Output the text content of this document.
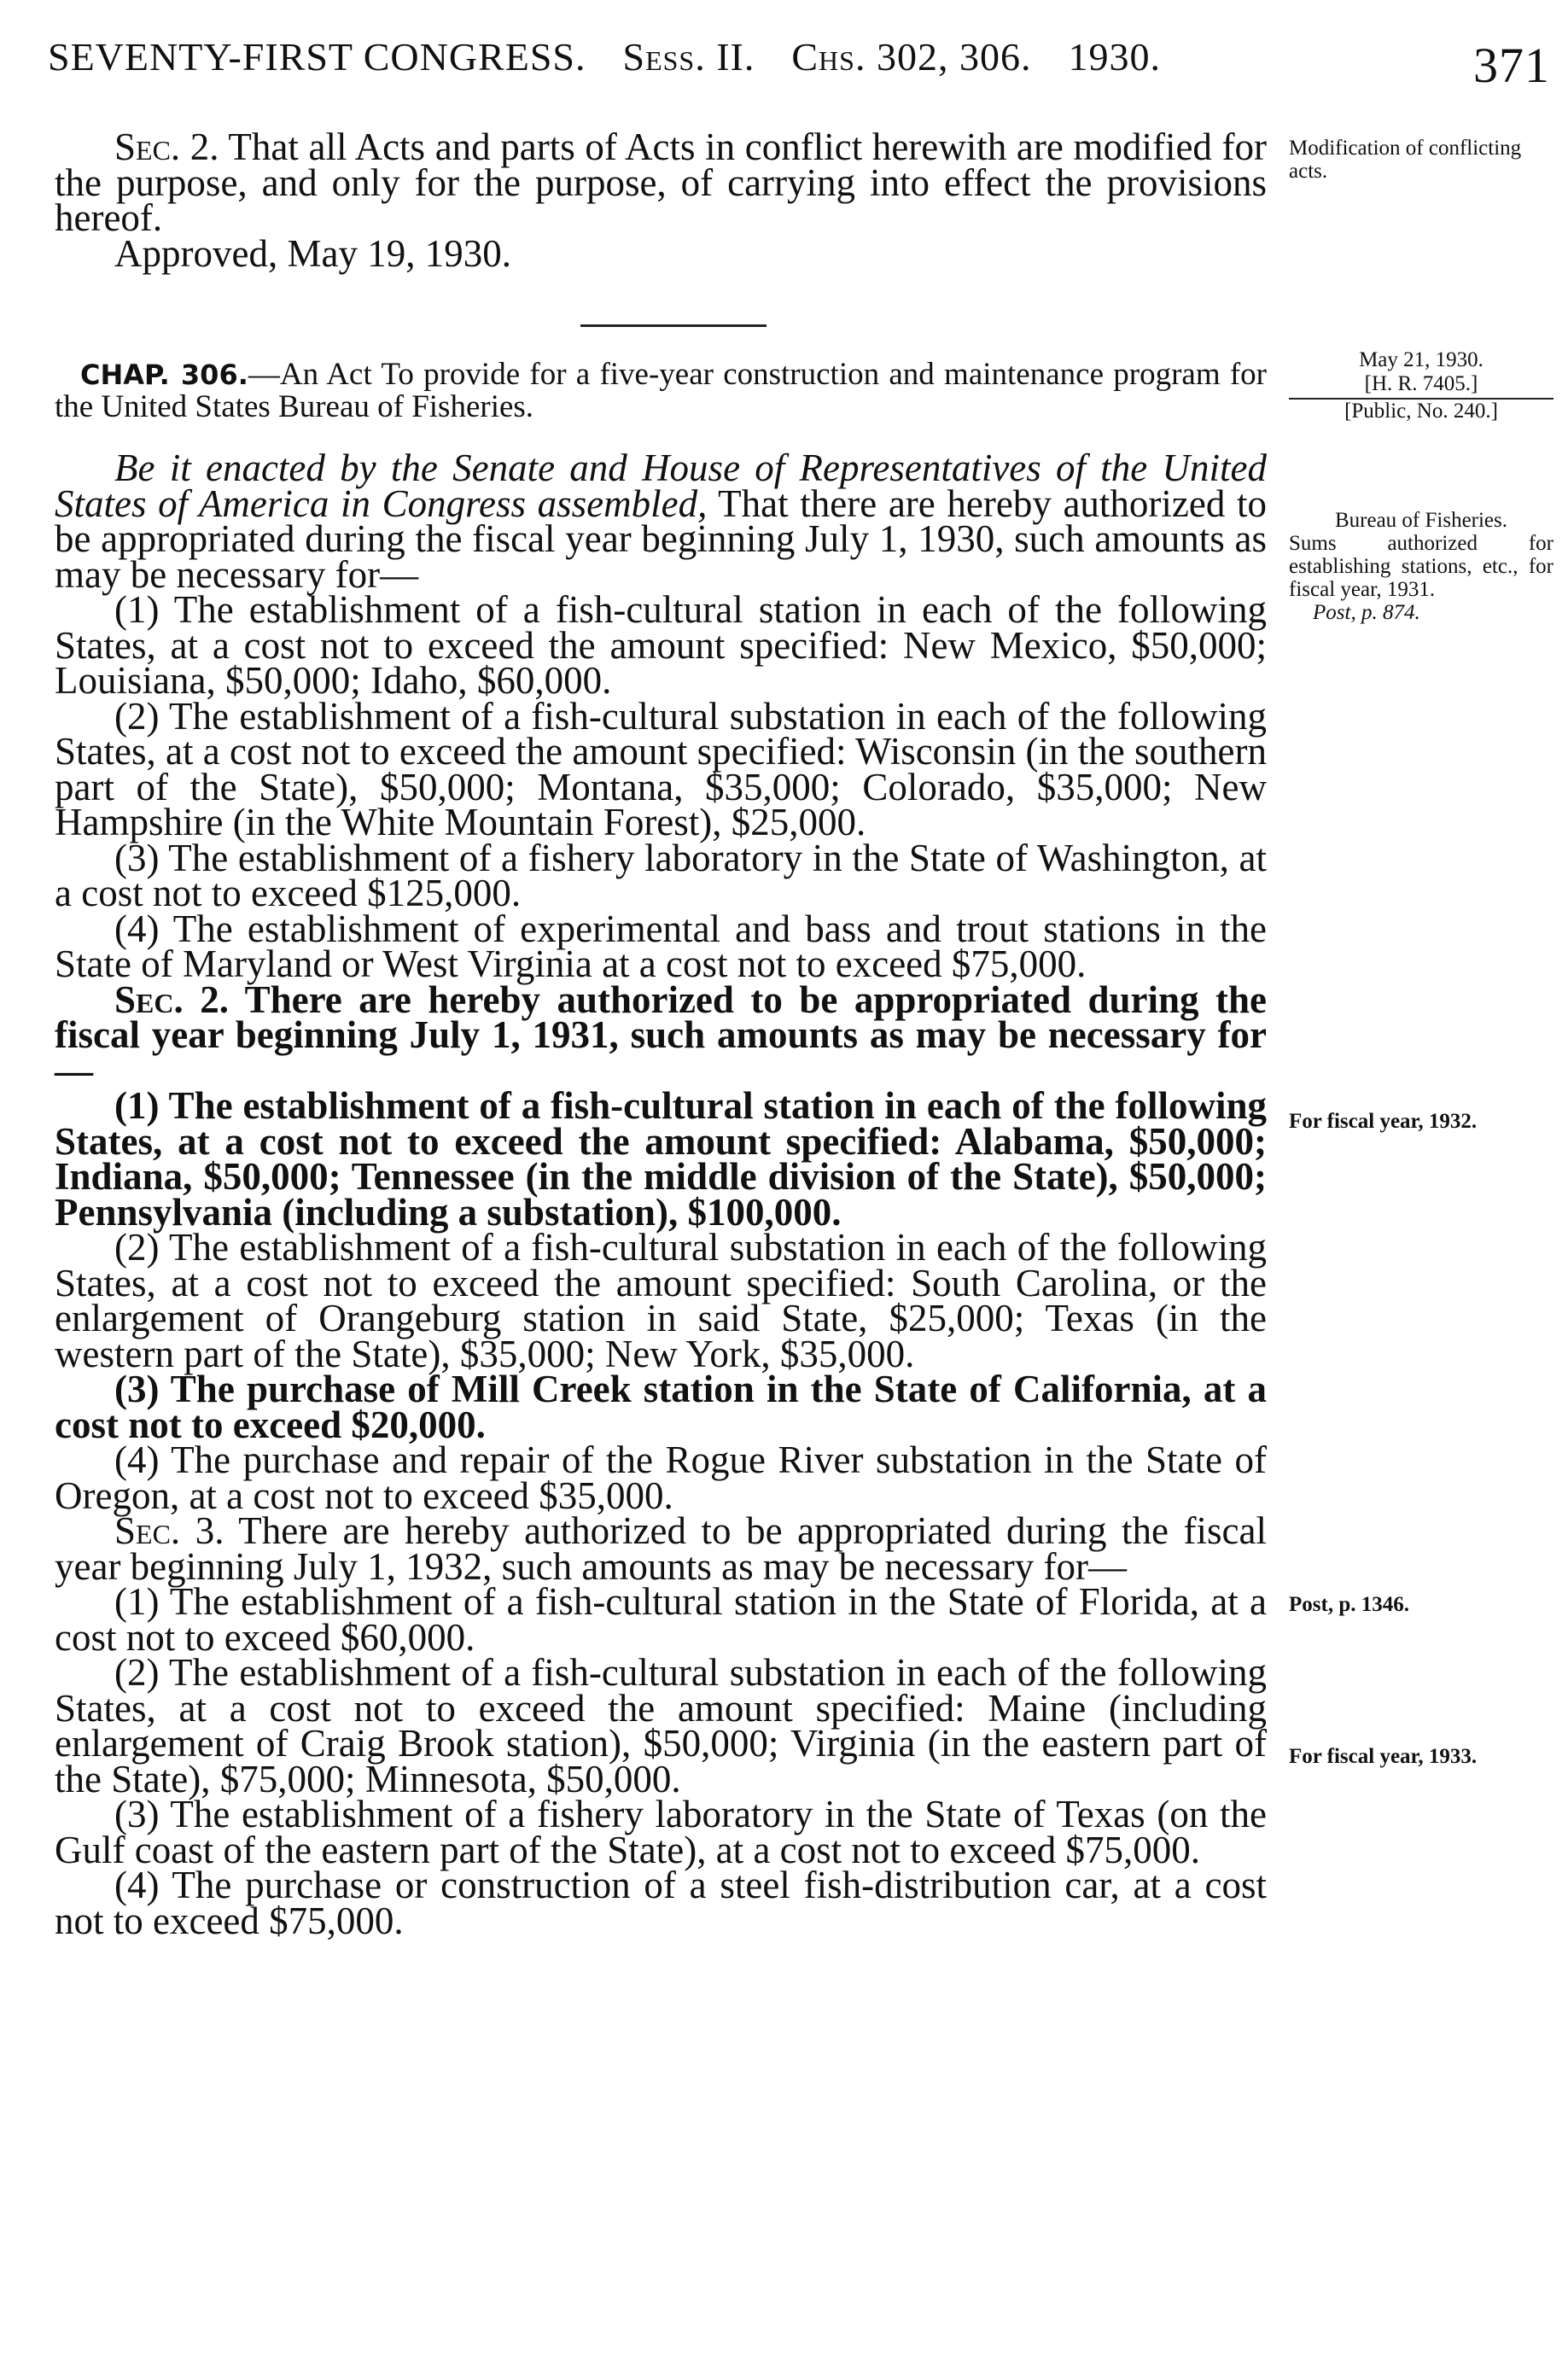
SEVENTY-FIRST CONGRESS. Sess. II. Chs. 302, 306. 1930.	371

Sec. 2. That all Acts and parts of Acts in conflict herewith are modified for the purpose, and only for the purpose, of carrying into effect the provisions hereof.

Approved, May 19, 1930.

Modification of conflicting acts.

CHAP. 306.—An Act To provide for a five-year construction and maintenance program for the United States Bureau of Fisheries.

May 21, 1930.
[H. R. 7405.]
[Public, No. 240.]

Be it enacted by the Senate and House of Representatives of the United States of America in Congress assembled, That there are hereby authorized to be appropriated during the fiscal year beginning July 1, 1930, such amounts as may be necessary for—

(1) The establishment of a fish-cultural station in each of the following States, at a cost not to exceed the amount specified: New Mexico, $50,000; Louisiana, $50,000; Idaho, $60,000.

(2) The establishment of a fish-cultural substation in each of the following States, at a cost not to exceed the amount specified: Wisconsin (in the southern part of the State), $50,000; Montana, $35,000; Colorado, $35,000; New Hampshire (in the White Mountain Forest), $25,000.

(3) The establishment of a fishery laboratory in the State of Washington, at a cost not to exceed $125,000.

(4) The establishment of experimental and bass and trout stations in the State of Maryland or West Virginia at a cost not to exceed $75,000.

Sec. 2. There are hereby authorized to be appropriated during the fiscal year beginning July 1, 1931, such amounts as may be necessary for—

(1) The establishment of a fish-cultural station in each of the following States, at a cost not to exceed the amount specified: Alabama, $50,000; Indiana, $50,000; Tennessee (in the middle division of the State), $50,000; Pennsylvania (including a substation), $100,000.

(2) The establishment of a fish-cultural substation in each of the following States, at a cost not to exceed the amount specified: South Carolina, or the enlargement of Orangeburg station in said State, $25,000; Texas (in the western part of the State), $35,000; New York, $35,000.

(3) The purchase of Mill Creek station in the State of California, at a cost not to exceed $20,000.

(4) The purchase and repair of the Rogue River substation in the State of Oregon, at a cost not to exceed $35,000.

Sec. 3. There are hereby authorized to be appropriated during the fiscal year beginning July 1, 1932, such amounts as may be necessary for—

(1) The establishment of a fish-cultural station in the State of Florida, at a cost not to exceed $60,000.

(2) The establishment of a fish-cultural substation in each of the following States, at a cost not to exceed the amount specified: Maine (including enlargement of Craig Brook station), $50,000; Virginia (in the eastern part of the State), $75,000; Minnesota, $50,000.

(3) The establishment of a fishery laboratory in the State of Texas (on the Gulf coast of the eastern part of the State), at a cost not to exceed $75,000.

(4) The purchase or construction of a steel fish-distribution car, at a cost not to exceed $75,000.

Bureau of Fisheries.
Sums authorized for establishing stations, etc., for fiscal year, 1931.
Post, p. 874.
For fiscal year, 1932.
Post, p. 1346.
For fiscal year, 1933.
